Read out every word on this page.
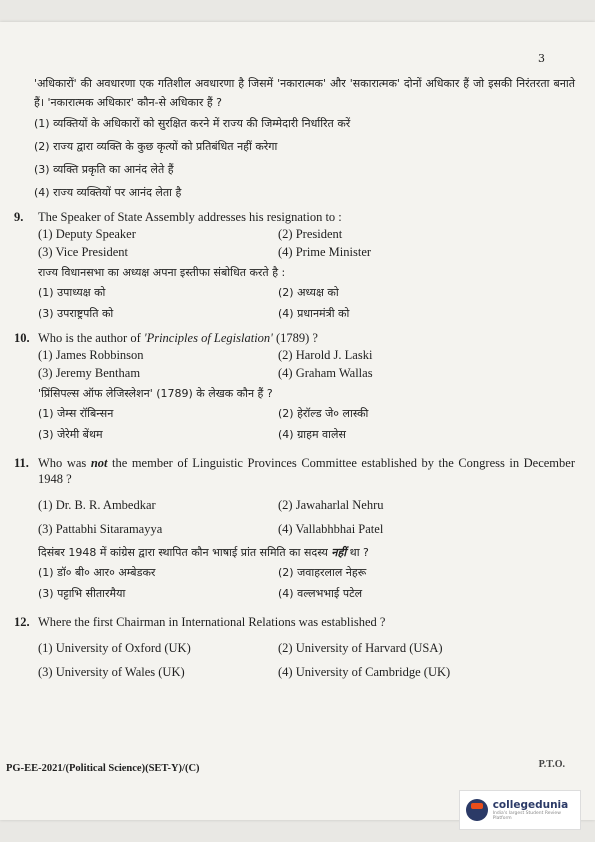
3
'अधिकारों' की अवधारणा एक गतिशील अवधारणा है जिसमें 'नकारात्मक' और 'सकारात्मक' दोनों अधिकार हैं जो इसकी निरंतरता बनाते हैं। 'नकारात्मक अधिकार' कौन-से अधिकार हैं ?
(1) व्यक्तियों के अधिकारों को सुरक्षित करने में राज्य की जिम्मेदारी निर्धारित करें
(2) राज्य द्वारा व्यक्ति के कुछ कृत्यों को प्रतिबंधित नहीं करेगा
(3) व्यक्ति प्रकृति का आनंद लेते हैं
(4) राज्य व्यक्तियों पर आनंद लेता है
9. The Speaker of State Assembly addresses his resignation to :
(1) Deputy Speaker	(2) President
(3) Vice President	(4) Prime Minister
राज्य विधानसभा का अध्यक्ष अपना इस्तीफा संबोधित करते है :
(1) उपाध्यक्ष को	(2) अध्यक्ष को
(3) उपराष्ट्रपति को	(4) प्रधानमंत्री को
10. Who is the author of 'Principles of Legislation' (1789) ?
(1) James Robbinson	(2) Harold J. Laski
(3) Jeremy Bentham	(4) Graham Wallas
'प्रिंसिपल्स ऑफ लेजिस्लेशन' (1789) के लेखक कौन हैं ?
(1) जेम्स रॉबिन्सन	(2) हेरॉल्ड जे० लास्की
(3) जेरेमी बेंथम	(4) ग्राहम वालेस
11. Who was not the member of Linguistic Provinces Committee established by the Congress in December 1948 ?
(1) Dr. B. R. Ambedkar	(2) Jawaharlal Nehru
(3) Pattabhi Sitaramayya	(4) Vallabhbhai Patel
दिसंबर 1948 में कांग्रेस द्वारा स्थापित कौन भाषाई प्रांत समिति का सदस्य नहीं था ?
(1) डॉ० बी० आर० अम्बेडकर	(2) जवाहरलाल नेहरू
(3) पट्टाभि सीतारमैया	(4) वल्लभभाई पटेल
12. Where the first Chairman in International Relations was established ?
(1) University of Oxford (UK)	(2) University of Harvard (USA)
(3) University of Wales (UK)	(4) University of Cambridge (UK)
PG-EE-2021/(Political Science)(SET-Y)/(C)	P.T.O.
collegedunia
India's largest Student Review Platform
